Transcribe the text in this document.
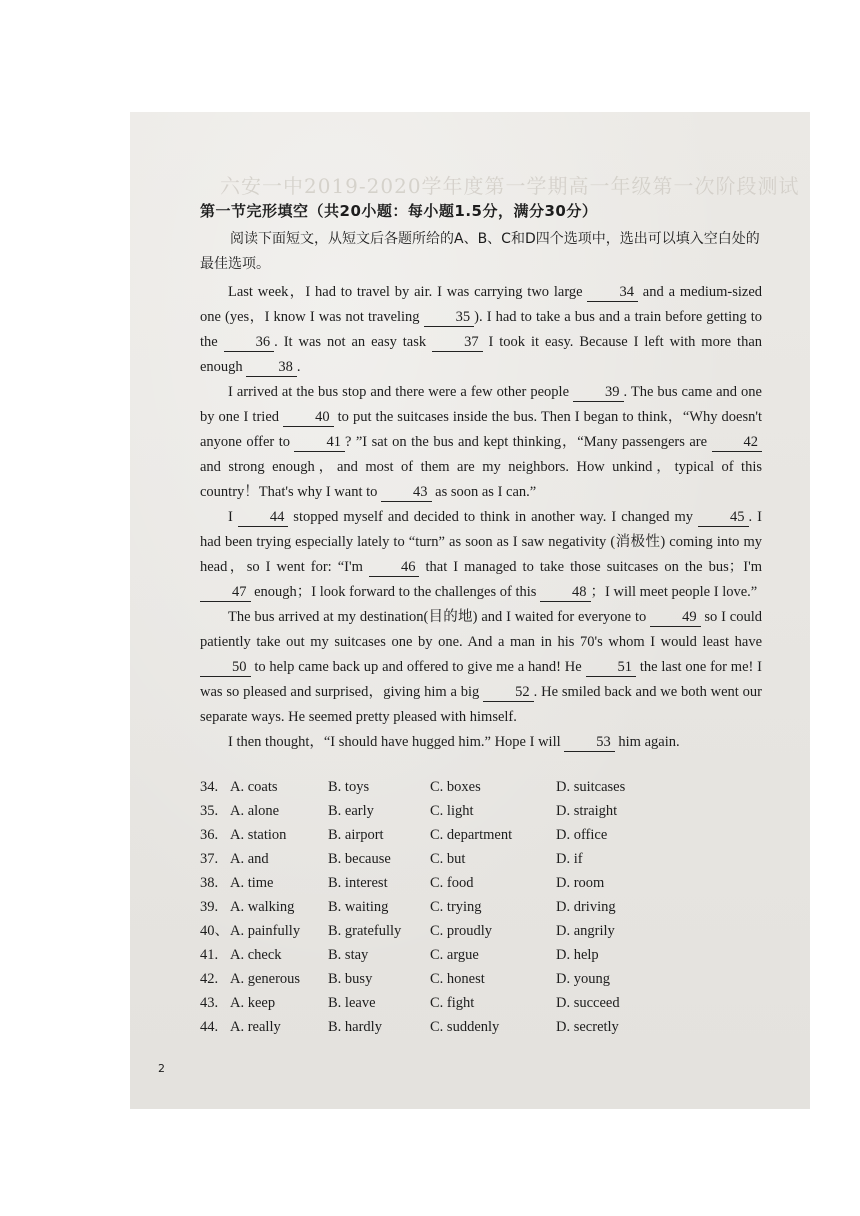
六安一中2019-2020学年度第一学期高一年级第一次阶段测试
第一节完形填空（共20小题：每小题1.5分，满分30分）
阅读下面短文，从短文后各题所给的A、B、C和D四个选项中，选出可以填入空白处的最佳选项。

Last week，I had to travel by air. I was carrying two large 34 and a medium-sized one (yes，I know I was not traveling 35 ). I had to take a bus and a train before getting to the 36 . It was not an easy task 37 I took it easy. Because I left with more than enough 38 .

I arrived at the bus stop and there were a few other people 39 . The bus came and one by one I tried 40 to put the suitcases inside the bus. Then I began to think，“Why doesn't anyone offer to 41 ? ”I sat on the bus and kept thinking，“Many passengers are 42 and strong enough，and most of them are my neighbors. How unkind，typical of this country！That's why I want to 43 as soon as I can.”

I 44 stopped myself and decided to think in another way. I changed my 45 . I had been trying especially lately to “turn” as soon as I saw negativity (消极性) coming into my head，so I went for: “I'm 46 that I managed to take those suitcases on the bus；I'm 47 enough；I look forward to the challenges of this 48 ；I will meet people I love.”

The bus arrived at my destination(目的地) and I waited for everyone to 49 so I could patiently take out my suitcases one by one. And a man in his 70's whom I would least have 50 to help came back up and offered to give me a hand! He 51 the last one for me! I was so pleased and surprised，giving him a big 52 . He smiled back and we both went our separate ways. He seemed pretty pleased with himself.

I then thought，“I should have hugged him.” Hope I will 53 him again.

34. A. coats	B. toys	C. boxes	D. suitcases
35. A. alone	B. early	C. light	D. straight
36. A. station	B. airport	C. department	D. office
37. A. and	B. because	C. but	D. if
38. A. time	B. interest	C. food	D. room
39. A. walking	B. waiting	C. trying	D. driving
40、 A. painfully	B. gratefully	C. proudly	D. angrily
41. A. check	B. stay	C. argue	D. help
42. A. generous	B. busy	C. honest	D. young
43. A. keep	B. leave	C. fight	D. succeed
44. A. really	B. hardly	C. suddenly	D. secretly
2
